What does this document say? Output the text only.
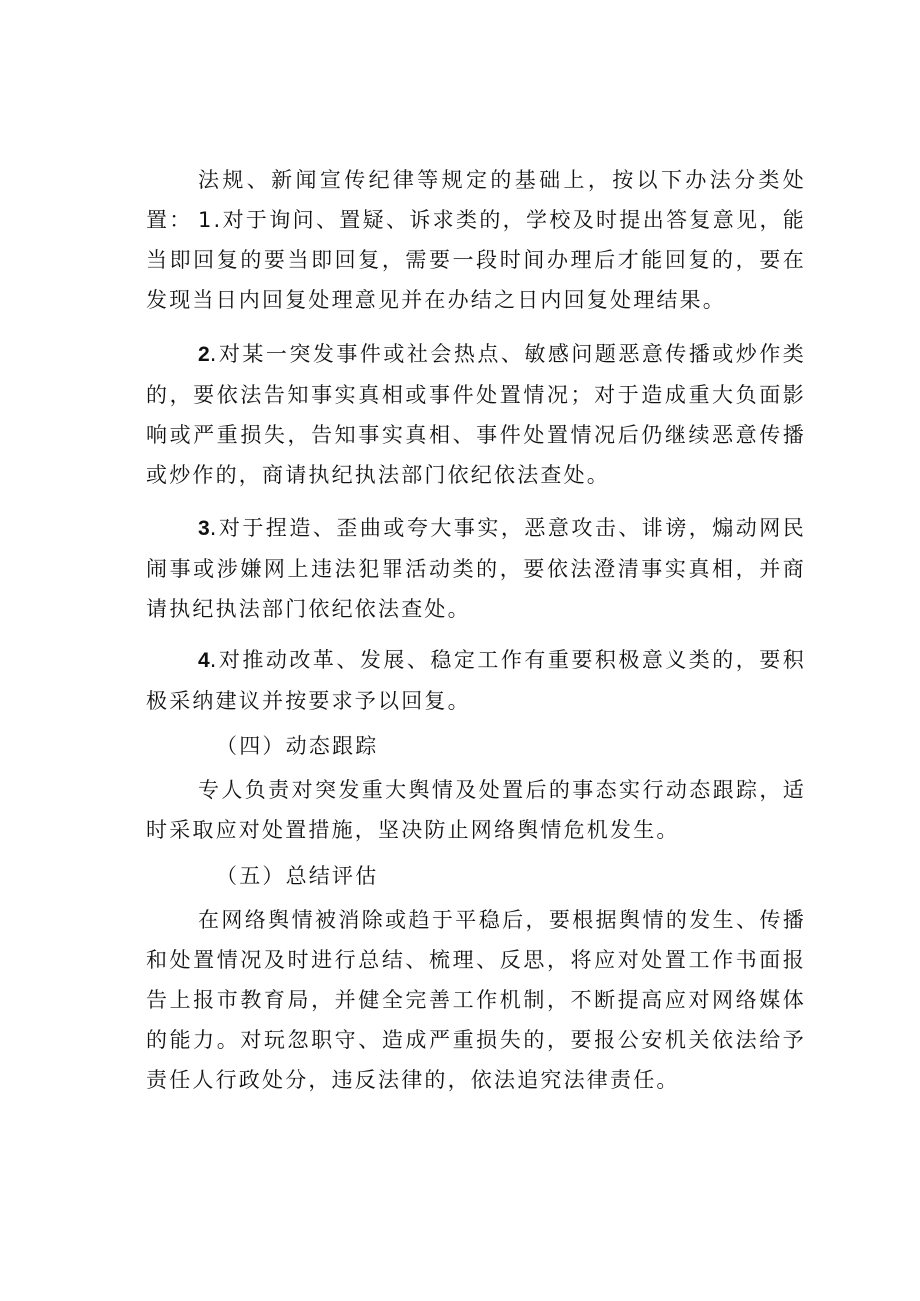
法规、新闻宣传纪律等规定的基础上，按以下办法分类处置： 1.对于询问、置疑、诉求类的，学校及时提出答复意见，能当即回复的要当即回复，需要一段时间办理后才能回复的，要在发现当日内回复处理意见并在办结之日内回复处理结果。

2.对某一突发事件或社会热点、敏感问题恶意传播或炒作类的，要依法告知事实真相或事件处置情况；对于造成重大负面影响或严重损失，告知事实真相、事件处置情况后仍继续恶意传播或炒作的，商请执纪执法部门依纪依法查处。

3.对于捏造、歪曲或夸大事实，恶意攻击、诽谤，煽动网民闹事或涉嫌网上违法犯罪活动类的，要依法澄清事实真相，并商请执纪执法部门依纪依法查处。

4.对推动改革、发展、稳定工作有重要积极意义类的，要积极采纳建议并按要求予以回复。

（四）动态跟踪

专人负责对突发重大舆情及处置后的事态实行动态跟踪，适时采取应对处置措施，坚决防止网络舆情危机发生。

（五）总结评估

在网络舆情被消除或趋于平稳后，要根据舆情的发生、传播和处置情况及时进行总结、梳理、反思，将应对处置工作书面报告上报市教育局，并健全完善工作机制，不断提高应对网络媒体的能力。对玩忽职守、造成严重损失的，要报公安机关依法给予责任人行政处分，违反法律的，依法追究法律责任。
